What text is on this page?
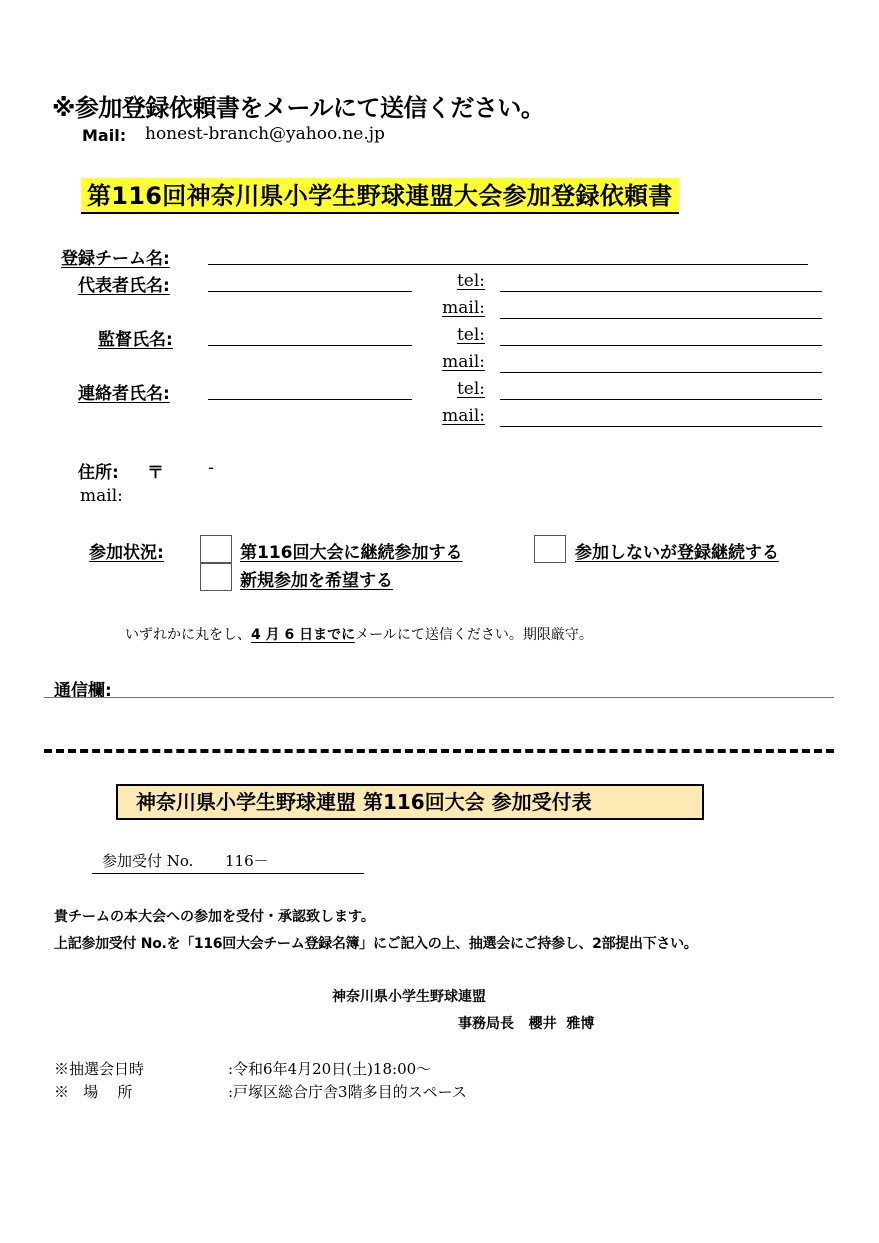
※参加登録依頼書をメールにて送信ください。
Mail: honest-branch@yahoo.ne.jp
第116回神奈川県小学生野球連盟大会参加登録依頼書
登録チーム名:
代表者氏名:	tel:
mail:
監督氏名:	tel:
mail:
連絡者氏名:	tel:
mail:
住所: 〒	-
mail:
参加状況:	第116回大会に継続参加する	参加しないが登録継続する
新規参加を希望する
いずれかに丸をし、4 月 6 日までにメールにて送信ください。期限厳守。
通信欄:
神奈川県小学生野球連盟 第116回大会 参加受付表
参加受付 No. 116－
貴チームの本大会への参加を受付・承認致します。
上記参加受付 No.を「116回大会チーム登録名簿」にご記入の上、抽選会にご持参し、2部提出下さい。
神奈川県小学生野球連盟
事務局長   櫻井  雅博
※抽選会日時	:令和6年4月20日(土)18:00～
※   場    所	:戸塚区総合庁舎3階多目的スペース
